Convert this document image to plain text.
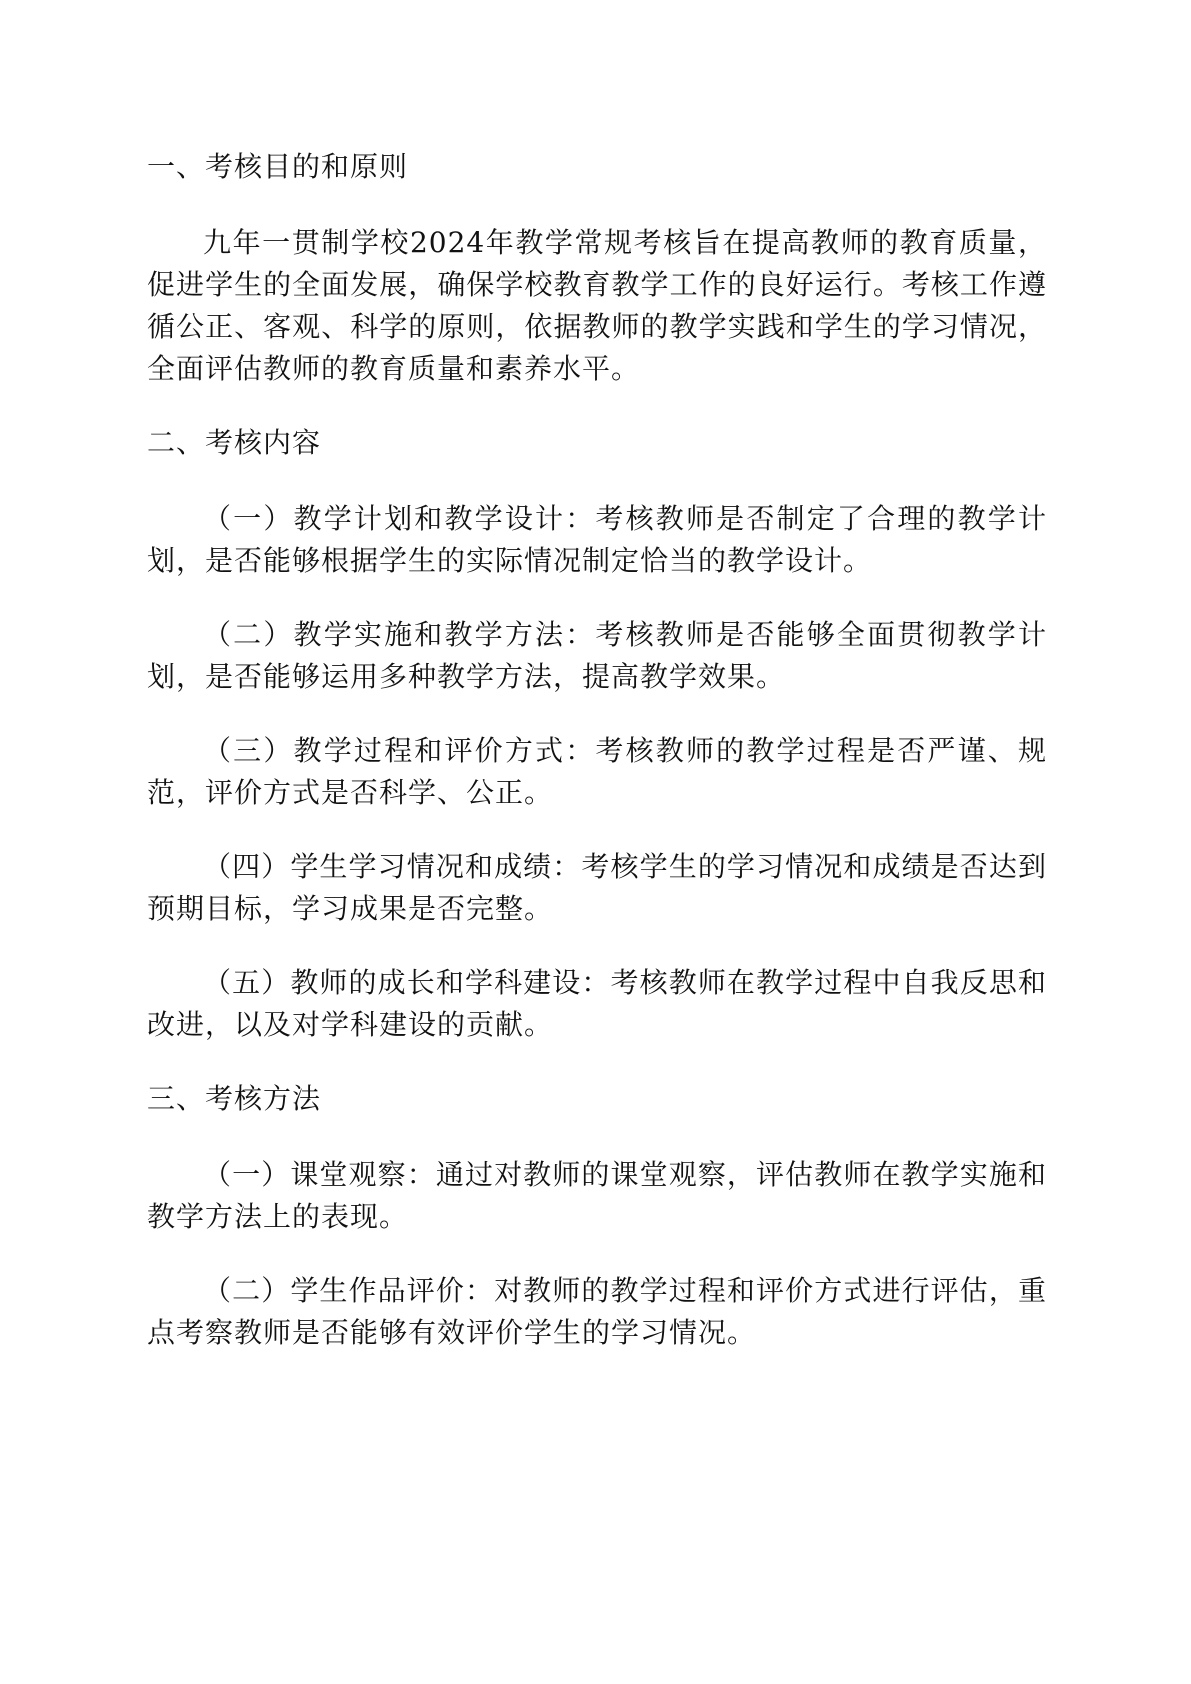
一、考核目的和原则

九年一贯制学校2024年教学常规考核旨在提高教师的教育质量，促进学生的全面发展，确保学校教育教学工作的良好运行。考核工作遵循公正、客观、科学的原则，依据教师的教学实践和学生的学习情况，全面评估教师的教育质量和素养水平。

二、考核内容

（一）教学计划和教学设计：考核教师是否制定了合理的教学计划，是否能够根据学生的实际情况制定恰当的教学设计。

（二）教学实施和教学方法：考核教师是否能够全面贯彻教学计划，是否能够运用多种教学方法，提高教学效果。

（三）教学过程和评价方式：考核教师的教学过程是否严谨、规范，评价方式是否科学、公正。

（四）学生学习情况和成绩：考核学生的学习情况和成绩是否达到预期目标，学习成果是否完整。

（五）教师的成长和学科建设：考核教师在教学过程中自我反思和改进，以及对学科建设的贡献。

三、考核方法

（一）课堂观察：通过对教师的课堂观察，评估教师在教学实施和教学方法上的表现。

（二）学生作品评价：对教师的教学过程和评价方式进行评估，重点考察教师是否能够有效评价学生的学习情况。
